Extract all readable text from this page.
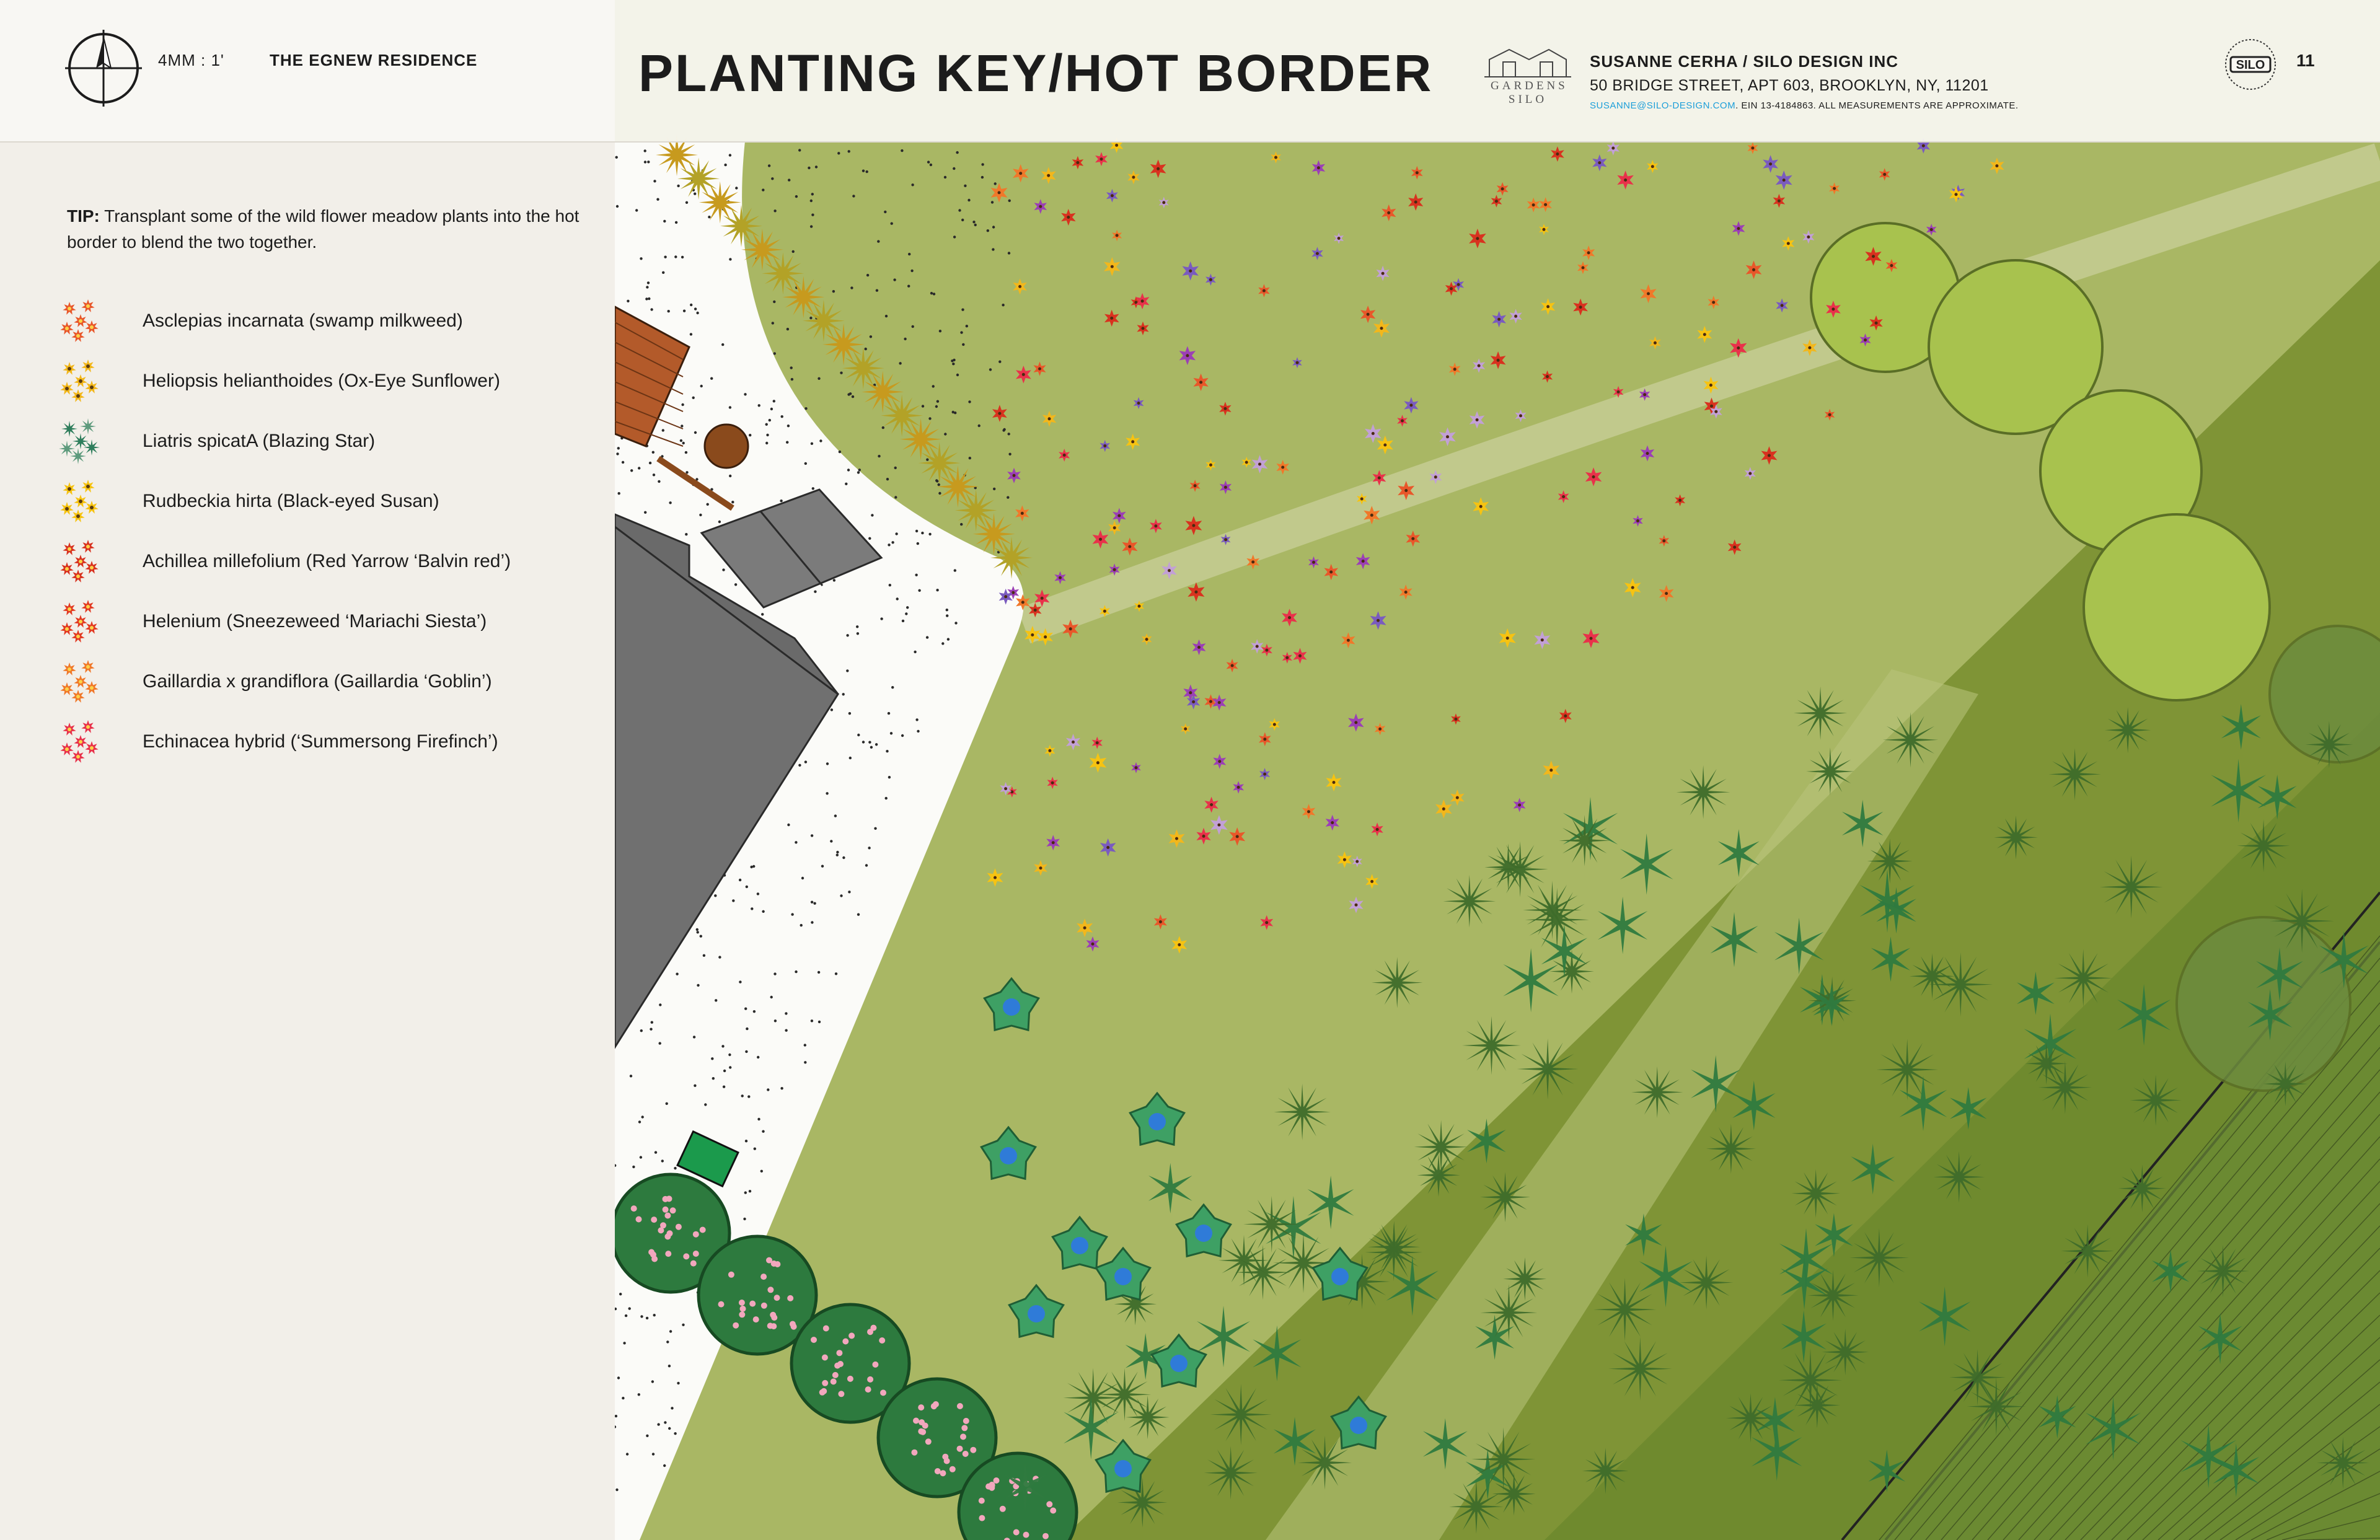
4MM : 1'	THE EGNEW RESIDENCE	PLANTING KEY/HOT BORDER	GARDENS SILO
SUSANNE CERHA / SILO DESIGN INC
50 BRIDGE STREET, APT 603, BROOKLYN, NY, 11201
SUSANNE@SILO-DESIGN.COM. EIN 13-4184863. ALL MEASUREMENTS ARE APPROXIMATE.
SILO 11
TIP: Transplant some of the wild flower meadow plants into the hot border to blend the two together.
Asclepias incarnata (swamp milkweed)
Heliopsis helianthoides (Ox-Eye Sunflower)
Liatris spicatA (Blazing Star)
Rudbeckia hirta (Black-eyed Susan)
Achillea millefolium (Red Yarrow ‘Balvin red’)
Helenium (Sneezeweed ‘Mariachi Siesta’)
Gaillardia x grandiflora (Gaillardia ‘Goblin’)
Echinacea hybrid (‘Summersong Firefinch’)
